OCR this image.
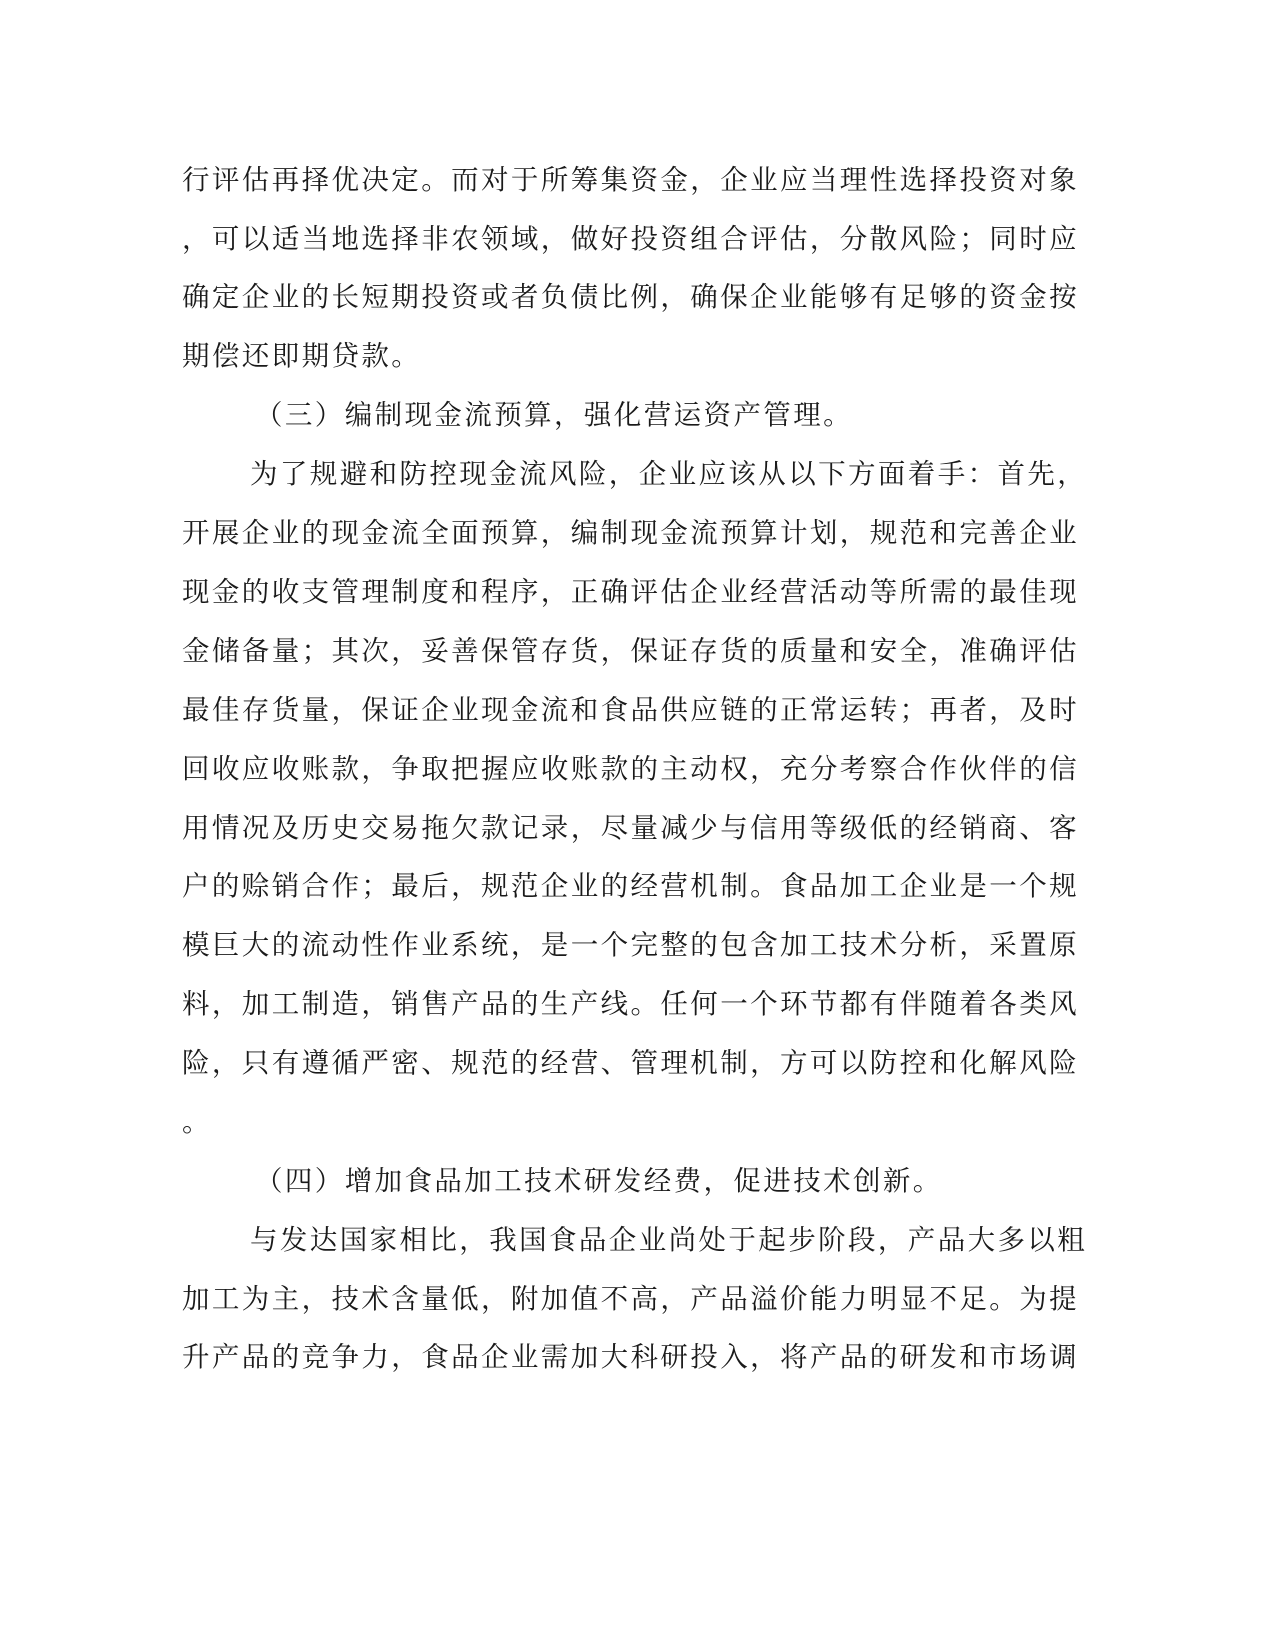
行评估再择优决定。而对于所筹集资金，企业应当理性选择投资对象
，可以适当地选择非农领域，做好投资组合评估，分散风险；同时应
确定企业的长短期投资或者负债比例，确保企业能够有足够的资金按
期偿还即期贷款。
（三）编制现金流预算，强化营运资产管理。
为了规避和防控现金流风险，企业应该从以下方面着手：首先，
开展企业的现金流全面预算，编制现金流预算计划，规范和完善企业
现金的收支管理制度和程序，正确评估企业经营活动等所需的最佳现
金储备量；其次，妥善保管存货，保证存货的质量和安全，准确评估
最佳存货量，保证企业现金流和食品供应链的正常运转；再者，及时
回收应收账款，争取把握应收账款的主动权，充分考察合作伙伴的信
用情况及历史交易拖欠款记录，尽量减少与信用等级低的经销商、客
户的赊销合作；最后，规范企业的经营机制。食品加工企业是一个规
模巨大的流动性作业系统，是一个完整的包含加工技术分析，采置原
料，加工制造，销售产品的生产线。任何一个环节都有伴随着各类风
险，只有遵循严密、规范的经营、管理机制，方可以防控和化解风险
。
（四）增加食品加工技术研发经费，促进技术创新。
与发达国家相比，我国食品企业尚处于起步阶段，产品大多以粗
加工为主，技术含量低，附加值不高，产品溢价能力明显不足。为提
升产品的竞争力，食品企业需加大科研投入，将产品的研发和市场调
